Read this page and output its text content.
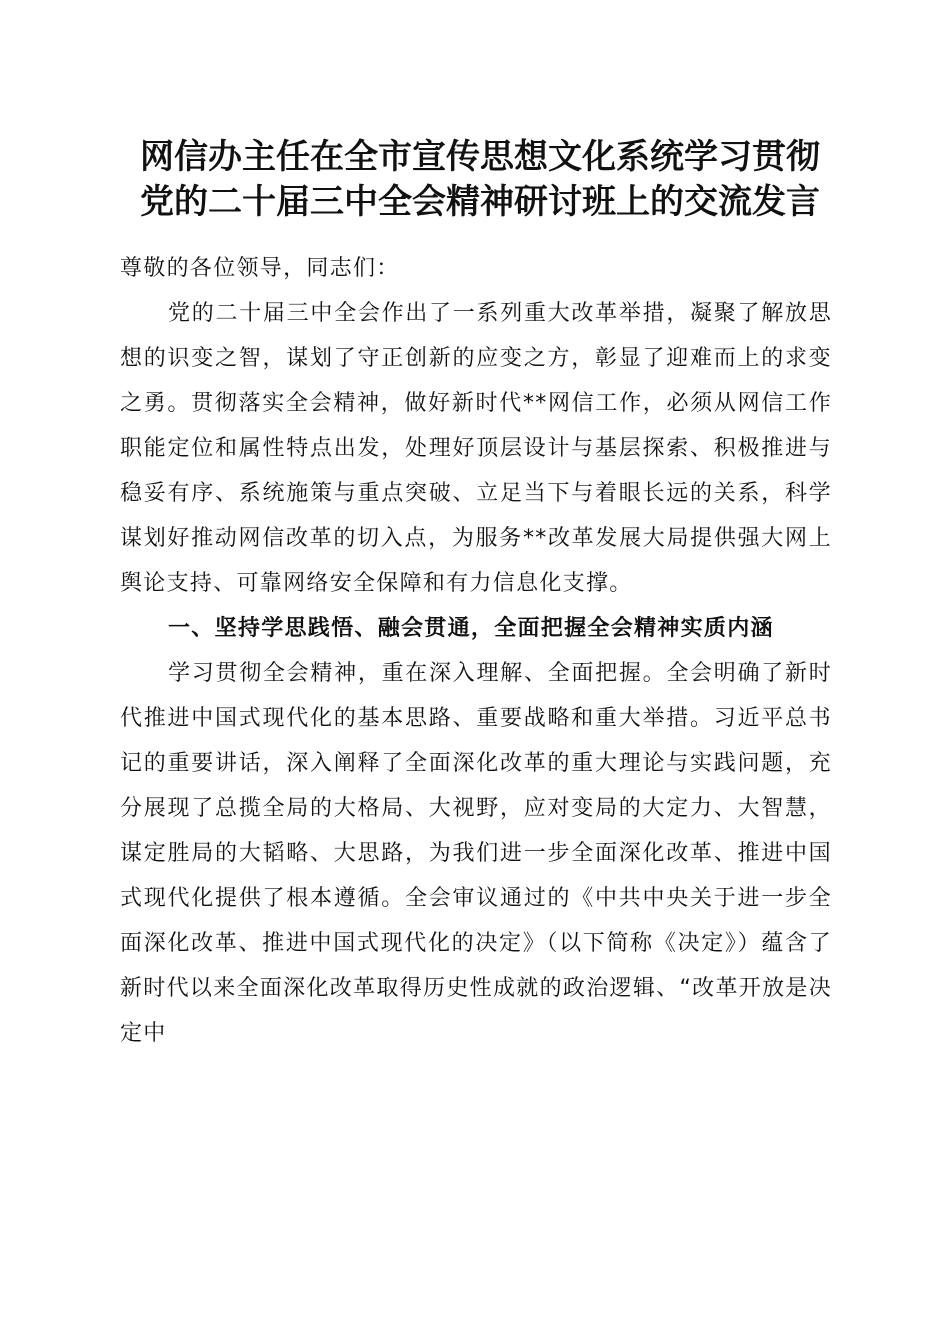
网信办主任在全市宣传思想文化系统学习贯彻
党的二十届三中全会精神研讨班上的交流发言

尊敬的各位领导，同志们：

党的二十届三中全会作出了一系列重大改革举措，凝聚了解放思想的识变之智，谋划了守正创新的应变之方，彰显了迎难而上的求变之勇。贯彻落实全会精神，做好新时代**网信工作，必须从网信工作职能定位和属性特点出发，处理好顶层设计与基层探索、积极推进与稳妥有序、系统施策与重点突破、立足当下与着眼长远的关系，科学谋划好推动网信改革的切入点，为服务**改革发展大局提供强大网上舆论支持、可靠网络安全保障和有力信息化支撑。

一、坚持学思践悟、融会贯通，全面把握全会精神实质内涵

学习贯彻全会精神，重在深入理解、全面把握。全会明确了新时代推进中国式现代化的基本思路、重要战略和重大举措。习近平总书记的重要讲话，深入阐释了全面深化改革的重大理论与实践问题，充分展现了总揽全局的大格局、大视野，应对变局的大定力、大智慧，谋定胜局的大韬略、大思路，为我们进一步全面深化改革、推进中国式现代化提供了根本遵循。全会审议通过的《中共中央关于进一步全面深化改革、推进中国式现代化的决定》（以下简称《决定》）蕴含了新时代以来全面深化改革取得历史性成就的政治逻辑、“改革开放是决定中
